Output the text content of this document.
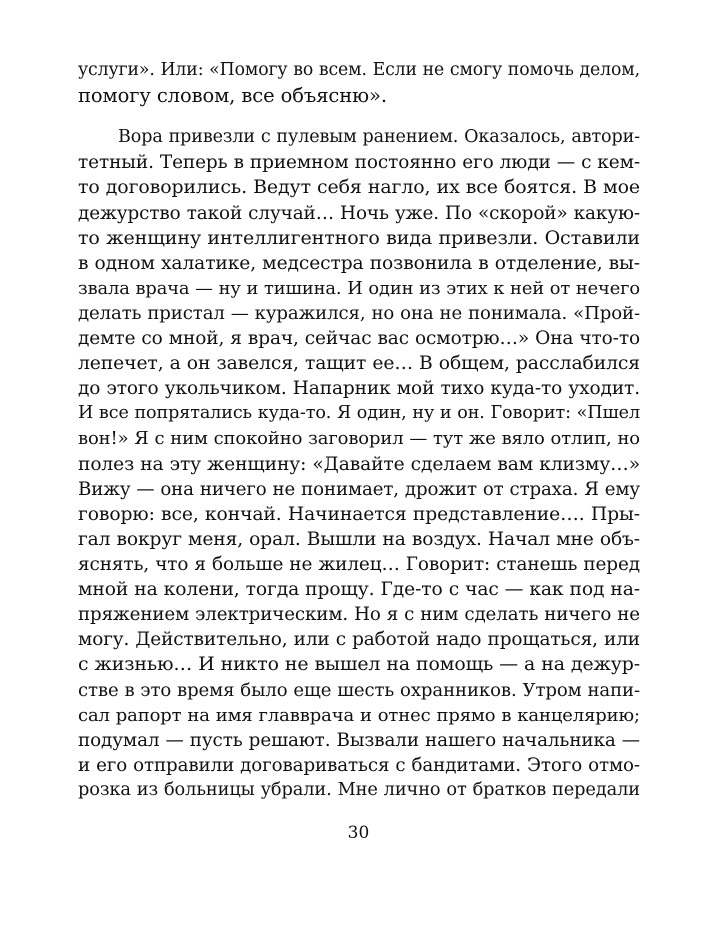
услуги». Или: «Помогу во всем. Если не смогу помочь делом,
помогу словом, все объясню».
Вора привезли с пулевым ранением. Оказалось, автори-
тетный. Теперь в приемном постоянно его люди — с кем-
то договорились. Ведут себя нагло, их все боятся. В мое
дежурство такой случай… Ночь уже. По «скорой» какую-
то женщину интеллигентного вида привезли. Оставили
в одном халатике, медсестра позвонила в отделение, вы-
звала врача — ну и тишина. И один из этих к ней от нечего
делать пристал — куражился, но она не понимала. «Прой-
демте со мной, я врач, сейчас вас осмотрю…» Она что-то
лепечет, а он завелся, тащит ее… В общем, расслабился
до этого укольчиком. Напарник мой тихо куда-то уходит.
И все попрятались куда-то. Я один, ну и он. Говорит: «Пшел
вон!» Я с ним спокойно заговорил — тут же вяло отлип, но
полез на эту женщину: «Давайте сделаем вам клизму…»
Вижу — она ничего не понимает, дрожит от страха. Я ему
говорю: все, кончай. Начинается представление…. Пры-
гал вокруг меня, орал. Вышли на воздух. Начал мне объ-
яснять, что я больше не жилец… Говорит: станешь перед
мной на колени, тогда прощу. Где-то с час — как под на-
пряжением электрическим. Но я с ним сделать ничего не
могу. Действительно, или с работой надо прощаться, или
с жизнью… И никто не вышел на помощь — а на дежур-
стве в это время было еще шесть охранников. Утром напи-
сал рапорт на имя главврача и отнес прямо в канцелярию;
подумал — пусть решают. Вызвали нашего начальника —
и его отправили договариваться с бандитами. Этого отмо-
розка из больницы убрали. Мне лично от братков передали
30
